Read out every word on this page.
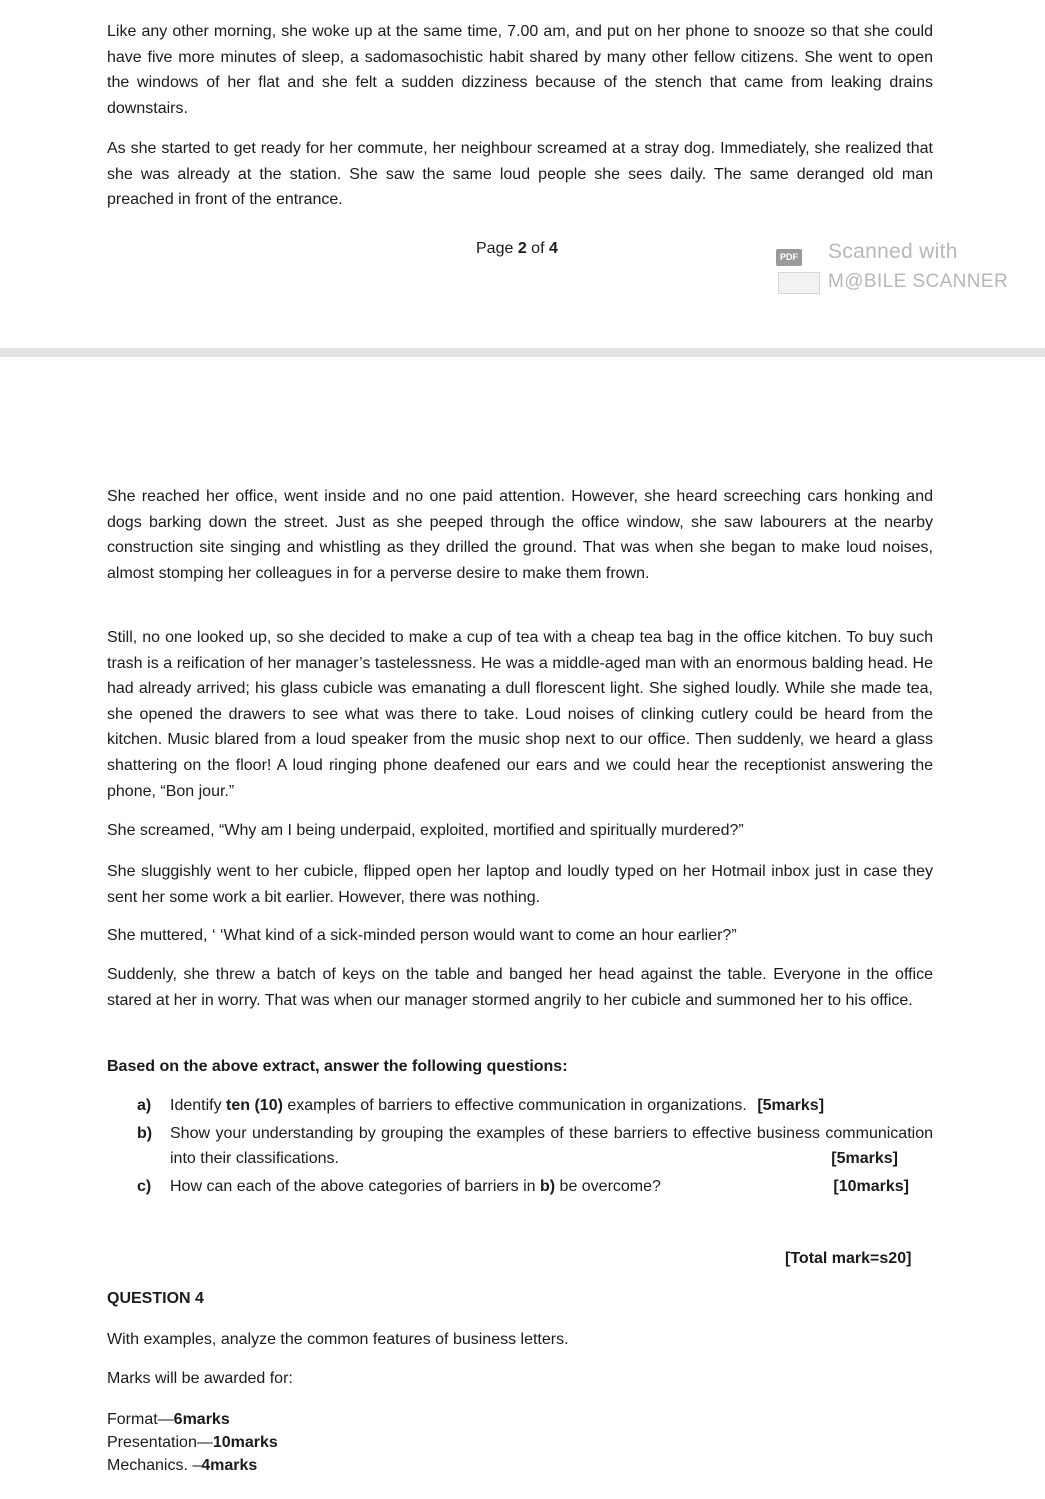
Like any other morning, she woke up at the same time, 7.00 am, and put on her phone to snooze so that she could have five more minutes of sleep, a sadomasochistic habit shared by many other fellow citizens. She went to open the windows of her flat and she felt a sudden dizziness because of the stench that came from leaking drains downstairs.

As she started to get ready for her commute, her neighbour screamed at a stray dog. Immediately, she realized that she was already at the station. She saw the same loud people she sees daily. The same deranged old man preached in front of the entrance.

Page 2 of 4	PDF Scanned with
M@BILE SCANNER

She reached her office, went inside and no one paid attention. However, she heard screeching cars honking and dogs barking down the street. Just as she peeped through the office window, she saw labourers at the nearby construction site singing and whistling as they drilled the ground. That was when she began to make loud noises, almost stomping her colleagues in for a perverse desire to make them frown.

Still, no one looked up, so she decided to make a cup of tea with a cheap tea bag in the office kitchen. To buy such trash is a reification of her manager’s tastelessness. He was a middle-aged man with an enormous balding head. He had already arrived; his glass cubicle was emanating a dull florescent light. She sighed loudly. While she made tea, she opened the drawers to see what was there to take. Loud noises of clinking cutlery could be heard from the kitchen. Music blared from a loud speaker from the music shop next to our office. Then suddenly, we heard a glass shattering on the floor! A loud ringing phone deafened our ears and we could hear the receptionist answering the phone, “Bon jour.”

She screamed, “Why am I being underpaid, exploited, mortified and spiritually murdered?”

She sluggishly went to her cubicle, flipped open her laptop and loudly typed on her Hotmail inbox just in case they sent her some work a bit earlier. However, there was nothing.

She muttered, ‘ ‘What kind of a sick-minded person would want to come an hour earlier?”

Suddenly, she threw a batch of keys on the table and banged her head against the table. Everyone in the office stared at her in worry. That was when our manager stormed angrily to her cubicle and summoned her to his office.

Based on the above extract, answer the following questions:

a) Identify ten (10) examples of barriers to effective communication in organizations. [5marks]
b) Show your understanding by grouping the examples of these barriers to effective business communication into their classifications.	[5marks]
c) How can each of the above categories of barriers in b) be overcome?	[10marks]
[Total mark=s20]
QUESTION 4
With examples, analyze the common features of business letters.
Marks will be awarded for:
Format—6marks
Presentation—10marks
Mechanics. –4marks
